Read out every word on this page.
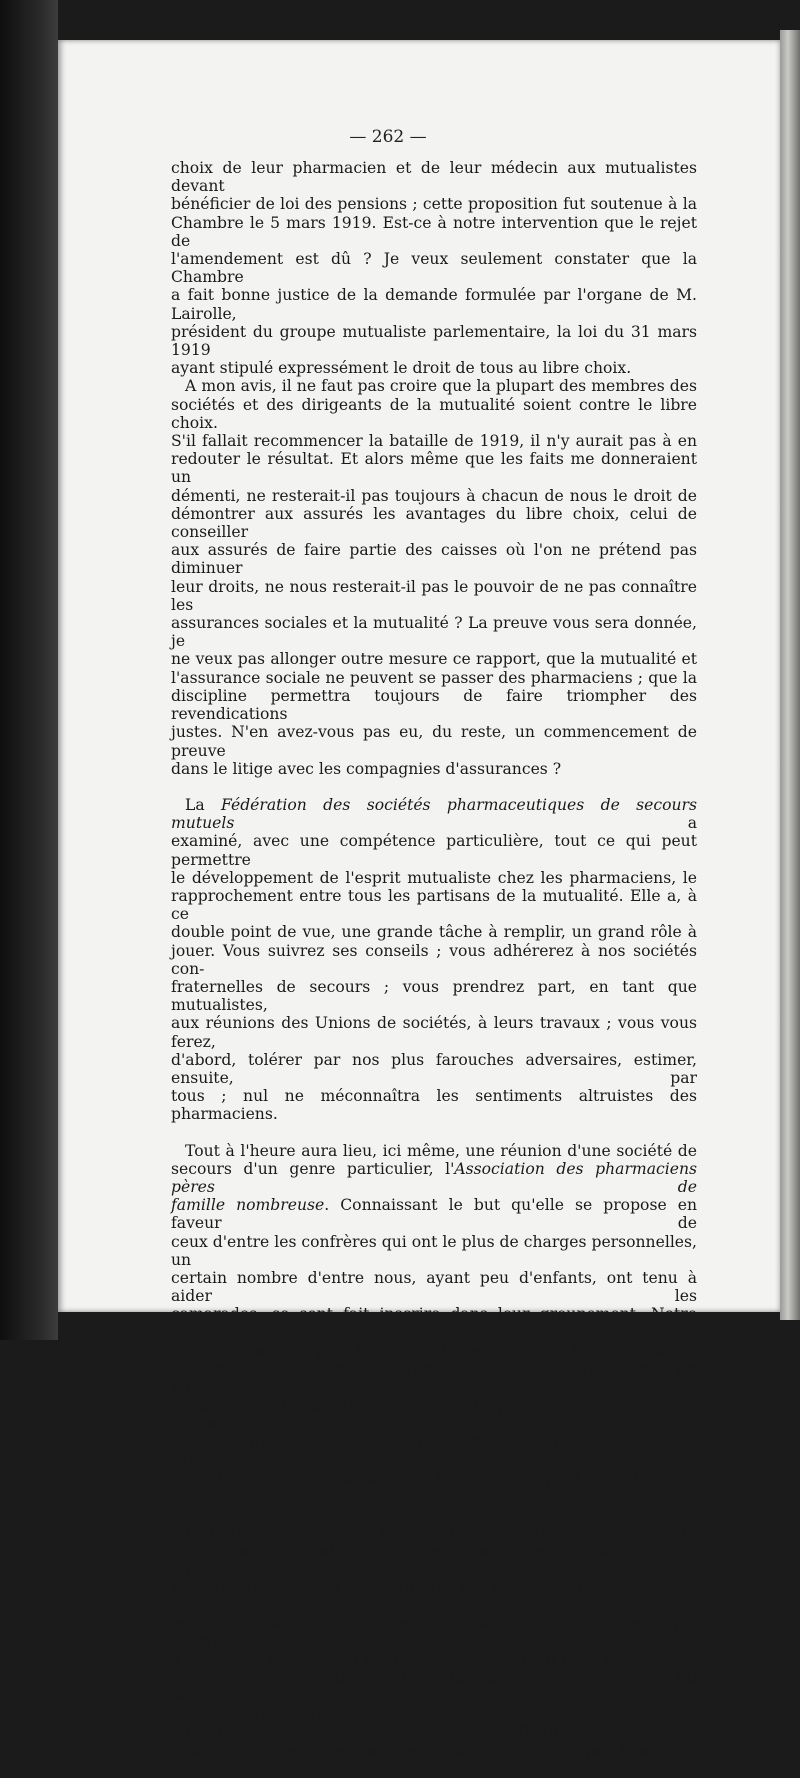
— 262 —

choix de leur pharmacien et de leur médecin aux mutualistes devant

bénéficier de loi des pensions ; cette proposition fut soutenue à la

Chambre le 5 mars 1919. Est-ce à notre intervention que le rejet de

l'amendement est dû ? Je veux seulement constater que la Chambre

a fait bonne justice de la demande formulée par l'organe de M. Lairolle,

président du groupe mutualiste parlementaire, la loi du 31 mars 1919

ayant stipulé expressément le droit de tous au libre choix.

A mon avis, il ne faut pas croire que la plupart des membres des

sociétés et des dirigeants de la mutualité soient contre le libre choix.

S'il fallait recommencer la bataille de 1919, il n'y aurait pas à en

redouter le résultat. Et alors même que les faits me donneraient un

démenti, ne resterait-il pas toujours à chacun de nous le droit de

démontrer aux assurés les avantages du libre choix, celui de conseiller

aux assurés de faire partie des caisses où l'on ne prétend pas diminuer

leur droits, ne nous resterait-il pas le pouvoir de ne pas connaître les

assurances sociales et la mutualité ? La preuve vous sera donnée, je

ne veux pas allonger outre mesure ce rapport, que la mutualité et

l'assurance sociale ne peuvent se passer des pharmaciens ; que la

discipline permettra toujours de faire triompher des revendications

justes. N'en avez-vous pas eu, du reste, un commencement de preuve

dans le litige avec les compagnies d'assurances ?

La Fédération des sociétés pharmaceutiques de secours mutuels a

examiné, avec une compétence particulière, tout ce qui peut permettre

le développement de l'esprit mutualiste chez les pharmaciens, le

rapprochement entre tous les partisans de la mutualité. Elle a, à ce

double point de vue, une grande tâche à remplir, un grand rôle à

jouer. Vous suivrez ses conseils ; vous adhérerez à nos sociétés con-

fraternelles de secours ; vous prendrez part, en tant que mutualistes,

aux réunions des Unions de sociétés, à leurs travaux ; vous vous ferez,

d'abord, tolérer par nos plus farouches adversaires, estimer, ensuite, par

tous ; nul ne méconnaîtra les sentiments altruistes des pharmaciens.

Tout à l'heure aura lieu, ici même, une réunion d'une société de

secours d'un genre particulier, l'Association des pharmaciens pères de

famille nombreuse. Connaissant le but qu'elle se propose en faveur de

ceux d'entre les confrères qui ont le plus de charges personnelles, un

certain nombre d'entre nous, ayant peu d'enfants, ont tenu à aider les

camarades, se sont fait inscrire dans leur groupement. Notre président

et moi avons pris part à une réunion au cours de laquelle ont été

attribués des secours à des familles dignes d'intérêt ; ayant pu nous

rendre compte de besoins réels, trop nombreux pour être atténués

aussi complètement qu'il l'aurait fallu, nous ne saurions vous prier

avec trop de force de donner, tous, votre appui à cette belle œuvre.

La Caisse de secours de l'Association générale est, elle aussi, un

organisme qui rend des services. Ceux-ci devant être réservés aux

plus infortunés, aux malheureux, les fonds dont elle dispose, reçus

avec affectations spéciales, ne sauraient être employés contrairement

à la volonté de ceux qui l'ont créée ; elle ne peut donc en distraire

pour des œuvres intéressantes. Elle aidera encore ceux qui lui seront

signalés par les syndicats.

N'oubliez pas vos collaborateurs. Les difficultés actuelles sont

indéniables ; elle ne sont pas telles cependant que beaucoup d'entre
